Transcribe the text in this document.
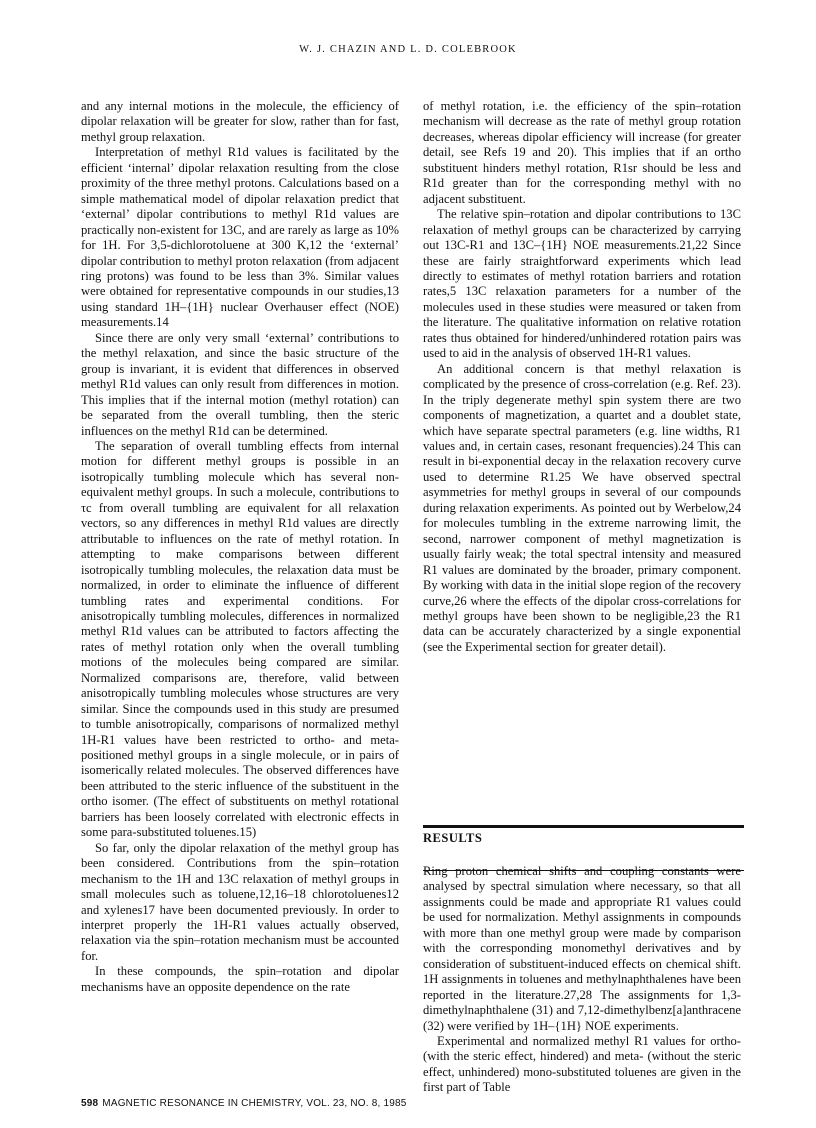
W. J. CHAZIN AND L. D. COLEBROOK

and any internal motions in the molecule, the efficiency of dipolar relaxation will be greater for slow, rather than for fast, methyl group relaxation.

Interpretation of methyl R1d values is facilitated by the efficient ‘internal’ dipolar relaxation resulting from the close proximity of the three methyl protons. Calculations based on a simple mathematical model of dipolar relaxation predict that ‘external’ dipolar contributions to methyl R1d values are practically non-existent for 13C, and are rarely as large as 10% for 1H. For 3,5-dichlorotoluene at 300 K,12 the ‘external’ dipolar contribution to methyl proton relaxation (from adjacent ring protons) was found to be less than 3%. Similar values were obtained for representative compounds in our studies,13 using standard 1H–{1H} nuclear Overhauser effect (NOE) measurements.14

Since there are only very small ‘external’ contributions to the methyl relaxation, and since the basic structure of the group is invariant, it is evident that differences in observed methyl R1d values can only result from differences in motion. This implies that if the internal motion (methyl rotation) can be separated from the overall tumbling, then the steric influences on the methyl R1d can be determined.

The separation of overall tumbling effects from internal motion for different methyl groups is possible in an isotropically tumbling molecule which has several non-equivalent methyl groups. In such a molecule, contributions to τc from overall tumbling are equivalent for all relaxation vectors, so any differences in methyl R1d values are directly attributable to influences on the rate of methyl rotation. In attempting to make comparisons between different isotropically tumbling molecules, the relaxation data must be normalized, in order to eliminate the influence of different tumbling rates and experimental conditions. For anisotropically tumbling molecules, differences in normalized methyl R1d values can be attributed to factors affecting the rates of methyl rotation only when the overall tumbling motions of the molecules being compared are similar. Normalized comparisons are, therefore, valid between anisotropically tumbling molecules whose structures are very similar. Since the compounds used in this study are presumed to tumble anisotropically, comparisons of normalized methyl 1H-R1 values have been restricted to ortho- and meta-positioned methyl groups in a single molecule, or in pairs of isomerically related molecules. The observed differences have been attributed to the steric influence of the substituent in the ortho isomer. (The effect of substituents on methyl rotational barriers has been loosely correlated with electronic effects in some para-substituted toluenes.15)

So far, only the dipolar relaxation of the methyl group has been considered. Contributions from the spin–rotation mechanism to the 1H and 13C relaxation of methyl groups in small molecules such as toluene,12,16–18 chlorotoluenes12 and xylenes17 have been documented previously. In order to interpret properly the 1H-R1 values actually observed, relaxation via the spin–rotation mechanism must be accounted for.

In these compounds, the spin–rotation and dipolar mechanisms have an opposite dependence on the rate

of methyl rotation, i.e. the efficiency of the spin–rotation mechanism will decrease as the rate of methyl group rotation decreases, whereas dipolar efficiency will increase (for greater detail, see Refs 19 and 20). This implies that if an ortho substituent hinders methyl rotation, R1sr should be less and R1d greater than for the corresponding methyl with no adjacent substituent.

The relative spin–rotation and dipolar contributions to 13C relaxation of methyl groups can be characterized by carrying out 13C-R1 and 13C–{1H} NOE measurements.21,22 Since these are fairly straightforward experiments which lead directly to estimates of methyl rotation barriers and rotation rates,5 13C relaxation parameters for a number of the molecules used in these studies were measured or taken from the literature. The qualitative information on relative rotation rates thus obtained for hindered/unhindered rotation pairs was used to aid in the analysis of observed 1H-R1 values.

An additional concern is that methyl relaxation is complicated by the presence of cross-correlation (e.g. Ref. 23). In the triply degenerate methyl spin system there are two components of magnetization, a quartet and a doublet state, which have separate spectral parameters (e.g. line widths, R1 values and, in certain cases, resonant frequencies).24 This can result in bi-exponential decay in the relaxation recovery curve used to determine R1.25 We have observed spectral asymmetries for methyl groups in several of our compounds during relaxation experiments. As pointed out by Werbelow,24 for molecules tumbling in the extreme narrowing limit, the second, narrower component of methyl magnetization is usually fairly weak; the total spectral intensity and measured R1 values are dominated by the broader, primary component. By working with data in the initial slope region of the recovery curve,26 where the effects of the dipolar cross-correlations for methyl groups have been shown to be negligible,23 the R1 data can be accurately characterized by a single exponential (see the Experimental section for greater detail).

RESULTS

Ring proton chemical shifts and coupling constants were analysed by spectral simulation where necessary, so that all assignments could be made and appropriate R1 values could be used for normalization. Methyl assignments in compounds with more than one methyl group were made by comparison with the corresponding monomethyl derivatives and by consideration of substituent-induced effects on chemical shift. 1H assignments in toluenes and methylnaphthalenes have been reported in the literature.27,28 The assignments for 1,3-dimethylnaphthalene (31) and 7,12-dimethylbenz[a]anthracene (32) were verified by 1H–{1H} NOE experiments.

Experimental and normalized methyl R1 values for ortho- (with the steric effect, hindered) and meta- (without the steric effect, unhindered) mono-substituted toluenes are given in the first part of Table

598 MAGNETIC RESONANCE IN CHEMISTRY, VOL. 23, NO. 8, 1985
